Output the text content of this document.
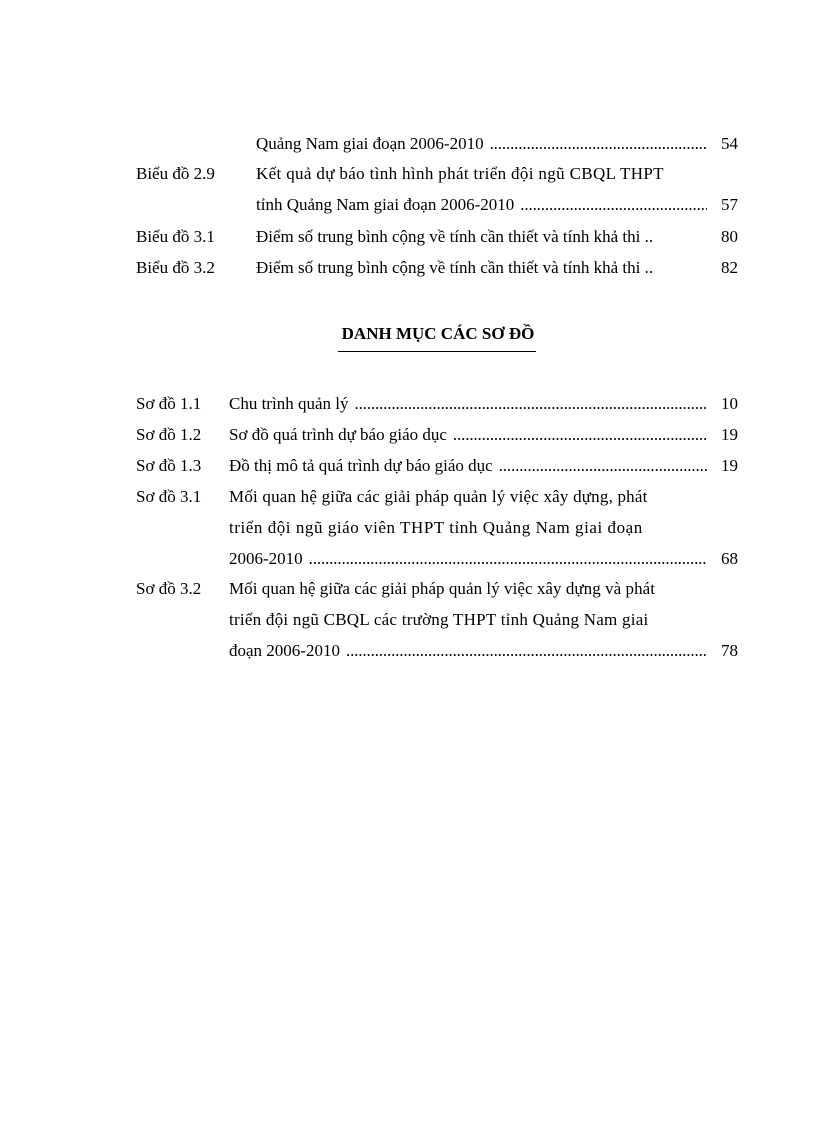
Quảng Nam giai đoạn 2006-2010 . . .	54
Biểu đồ 2.9 Kết quả dự báo tình hình phát triển đội ngũ CBQL THPT
tỉnh Quảng Nam giai đoạn 2006-2010 . . .	57
Biểu đồ 3.1 Điểm số trung bình cộng về tính cần thiết và tính khả thi ..	80
Biểu đồ 3.2 Điểm số trung bình cộng về tính cần thiết và tính khả thi ..	82
DANH MỤC CÁC SƠ ĐỒ
Sơ đồ 1.1 Chu trình quản lý . . .	10
Sơ đồ 1.2 Sơ đồ quá trình dự báo giáo dục . . .	19
Sơ đồ 1.3 Đồ thị mô tả quá trình dự báo giáo dục . . .	19
Sơ đồ 3.1 Mối quan hệ giữa các giải pháp quản lý việc xây dựng, phát
triển đội ngũ giáo viên THPT tỉnh Quảng Nam giai đoạn
2006-2010 . . .	68
Sơ đồ 3.2 Mối quan hệ giữa các giải pháp quản lý việc xây dựng và phát
triển đội ngũ CBQL các trường THPT tỉnh Quảng Nam giai
đoạn 2006-2010 . . .	78
